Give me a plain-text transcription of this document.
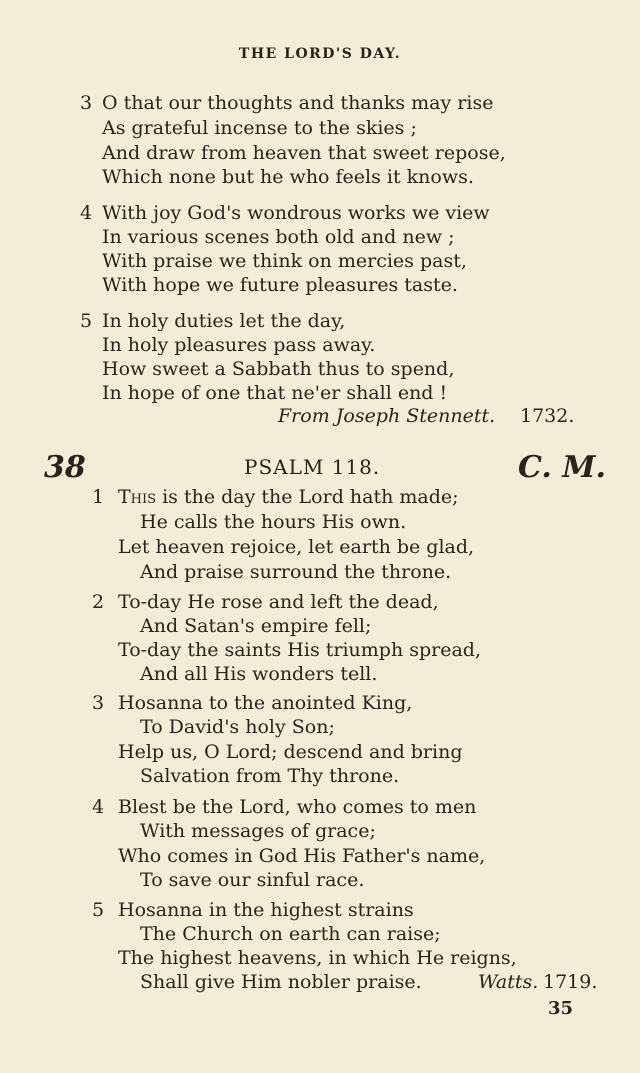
THE LORD'S DAY.
3 O that our thoughts and thanks may rise
As grateful incense to the skies ;
And draw from heaven that sweet repose,
Which none but he who feels it knows.
4 With joy God's wondrous works we view
In various scenes both old and new ;
With praise we think on mercies past,
With hope we future pleasures taste.
5 In holy duties let the day,
In holy pleasures pass away.
How sweet a Sabbath thus to spend,
In hope of one that ne'er shall end !
From Joseph Stennett. 1732.
38	PSALM 118.	C. M.
1 This is the day the Lord hath made;
He calls the hours His own.
Let heaven rejoice, let earth be glad,
And praise surround the throne.
2 To-day He rose and left the dead,
And Satan's empire fell;
To-day the saints His triumph spread,
And all His wonders tell.
3 Hosanna to the anointed King,
To David's holy Son;
Help us, O Lord; descend and bring
Salvation from Thy throne.
4 Blest be the Lord, who comes to men
With messages of grace;
Who comes in God His Father's name,
To save our sinful race.
5 Hosanna in the highest strains
The Church on earth can raise;
The highest heavens, in which He reigns,
Shall give Him nobler praise.	Watts. 1719.
35
